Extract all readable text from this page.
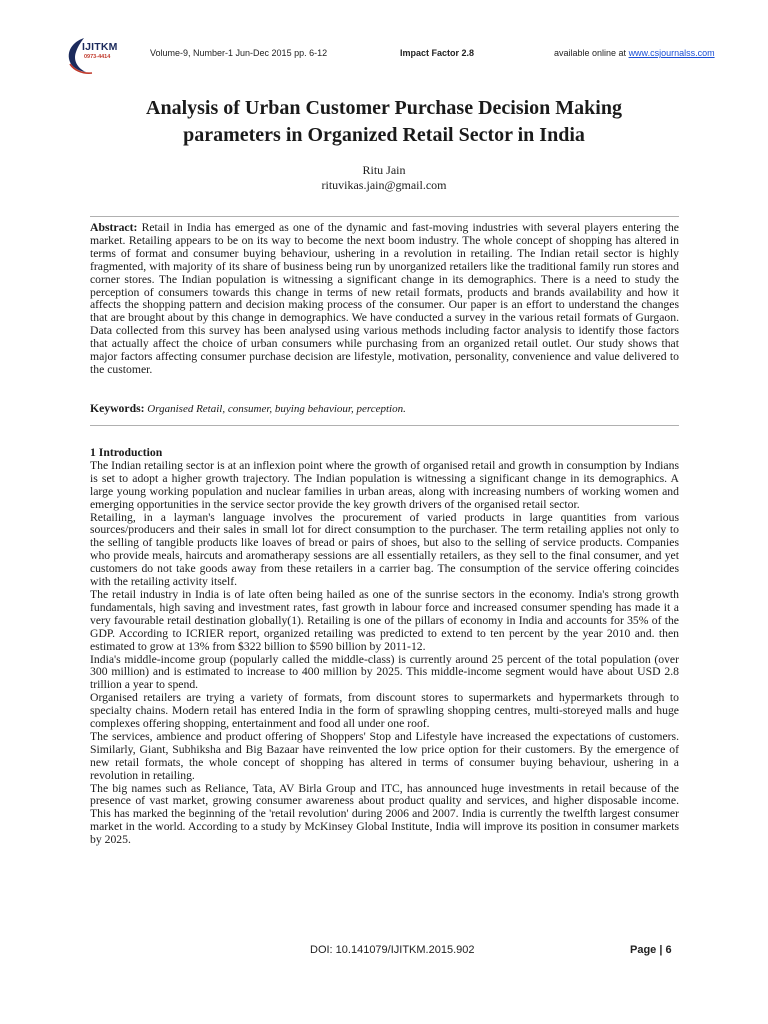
IJITKM
0973-4414	Volume-9, Number-1 Jun-Dec 2015 pp. 6-12	Impact Factor 2.8	available online at www.csjournalss.com
Analysis of Urban Customer Purchase Decision Making
parameters in Organized Retail Sector in India
Ritu Jain
rituvikas.jain@gmail.com
Abstract: Retail in India has emerged as one of the dynamic and fast-moving industries with several players entering the market. Retailing appears to be on its way to become the next boom industry. The whole concept of shopping has altered in terms of format and consumer buying behaviour, ushering in a revolution in retailing. The Indian retail sector is highly fragmented, with majority of its share of business being run by unorganized retailers like the traditional family run stores and corner stores. The Indian population is witnessing a significant change in its demographics. There is a need to study the perception of consumers towards this change in terms of new retail formats, products and brands availability and how it affects the shopping pattern and decision making process of the consumer. Our paper is an effort to understand the changes that are brought about by this change in demographics. We have conducted a survey in the various retail formats of Gurgaon. Data collected from this survey has been analysed using various methods including factor analysis to identify those factors that actually affect the choice of urban consumers while purchasing from an organized retail outlet. Our study shows that major factors affecting consumer purchase decision are lifestyle, motivation, personality, convenience and value delivered to the customer.
Keywords: Organised Retail, consumer, buying behaviour, perception.
1 Introduction

The Indian retailing sector is at an inflexion point where the growth of organised retail and growth in consumption by Indians is set to adopt a higher growth trajectory. The Indian population is witnessing a significant change in its demographics. A large young working population and nuclear families in urban areas, along with increasing numbers of working women and emerging opportunities in the service sector provide the key growth drivers of the organised retail sector.

Retailing, in a layman's language involves the procurement of varied products in large quantities from various sources/producers and their sales in small lot for direct consumption to the purchaser. The term retailing applies not only to the selling of tangible products like loaves of bread or pairs of shoes, but also to the selling of service products. Companies who provide meals, haircuts and aromatherapy sessions are all essentially retailers, as they sell to the final consumer, and yet customers do not take goods away from these retailers in a carrier bag. The consumption of the service offering coincides with the retailing activity itself.

The retail industry in India is of late often being hailed as one of the sunrise sectors in the economy. India's strong growth fundamentals, high saving and investment rates, fast growth in labour force and increased consumer spending has made it a very favourable retail destination globally(1). Retailing is one of the pillars of economy in India and accounts for 35% of the GDP. According to ICRIER report, organized retailing was predicted to extend to ten percent by the year 2010 and. then estimated to grow at 13% from $322 billion to $590 billion by 2011-12.

India's middle-income group (popularly called the middle-class) is currently around 25 percent of the total population (over 300 million) and is estimated to increase to 400 million by 2025. This middle-income segment would have about USD 2.8 trillion a year to spend.

Organised retailers are trying a variety of formats, from discount stores to supermarkets and hypermarkets through to specialty chains. Modern retail has entered India in the form of sprawling shopping centres, multi-storeyed malls and huge complexes offering shopping, entertainment and food all under one roof.

The services, ambience and product offering of Shoppers' Stop and Lifestyle have increased the expectations of customers. Similarly, Giant, Subhiksha and Big Bazaar have reinvented the low price option for their customers. By the emergence of new retail formats, the whole concept of shopping has altered in terms of consumer buying behaviour, ushering in a revolution in retailing.

The big names such as Reliance, Tata, AV Birla Group and ITC, has announced huge investments in retail because of the presence of vast market, growing consumer awareness about product quality and services, and higher disposable income. This has marked the beginning of the 'retail revolution' during 2006 and 2007. India is currently the twelfth largest consumer market in the world. According to a study by McKinsey Global Institute, India will improve its position in consumer markets by 2025.

DOI: 10.141079/IJITKM.2015.902	Page | 6
